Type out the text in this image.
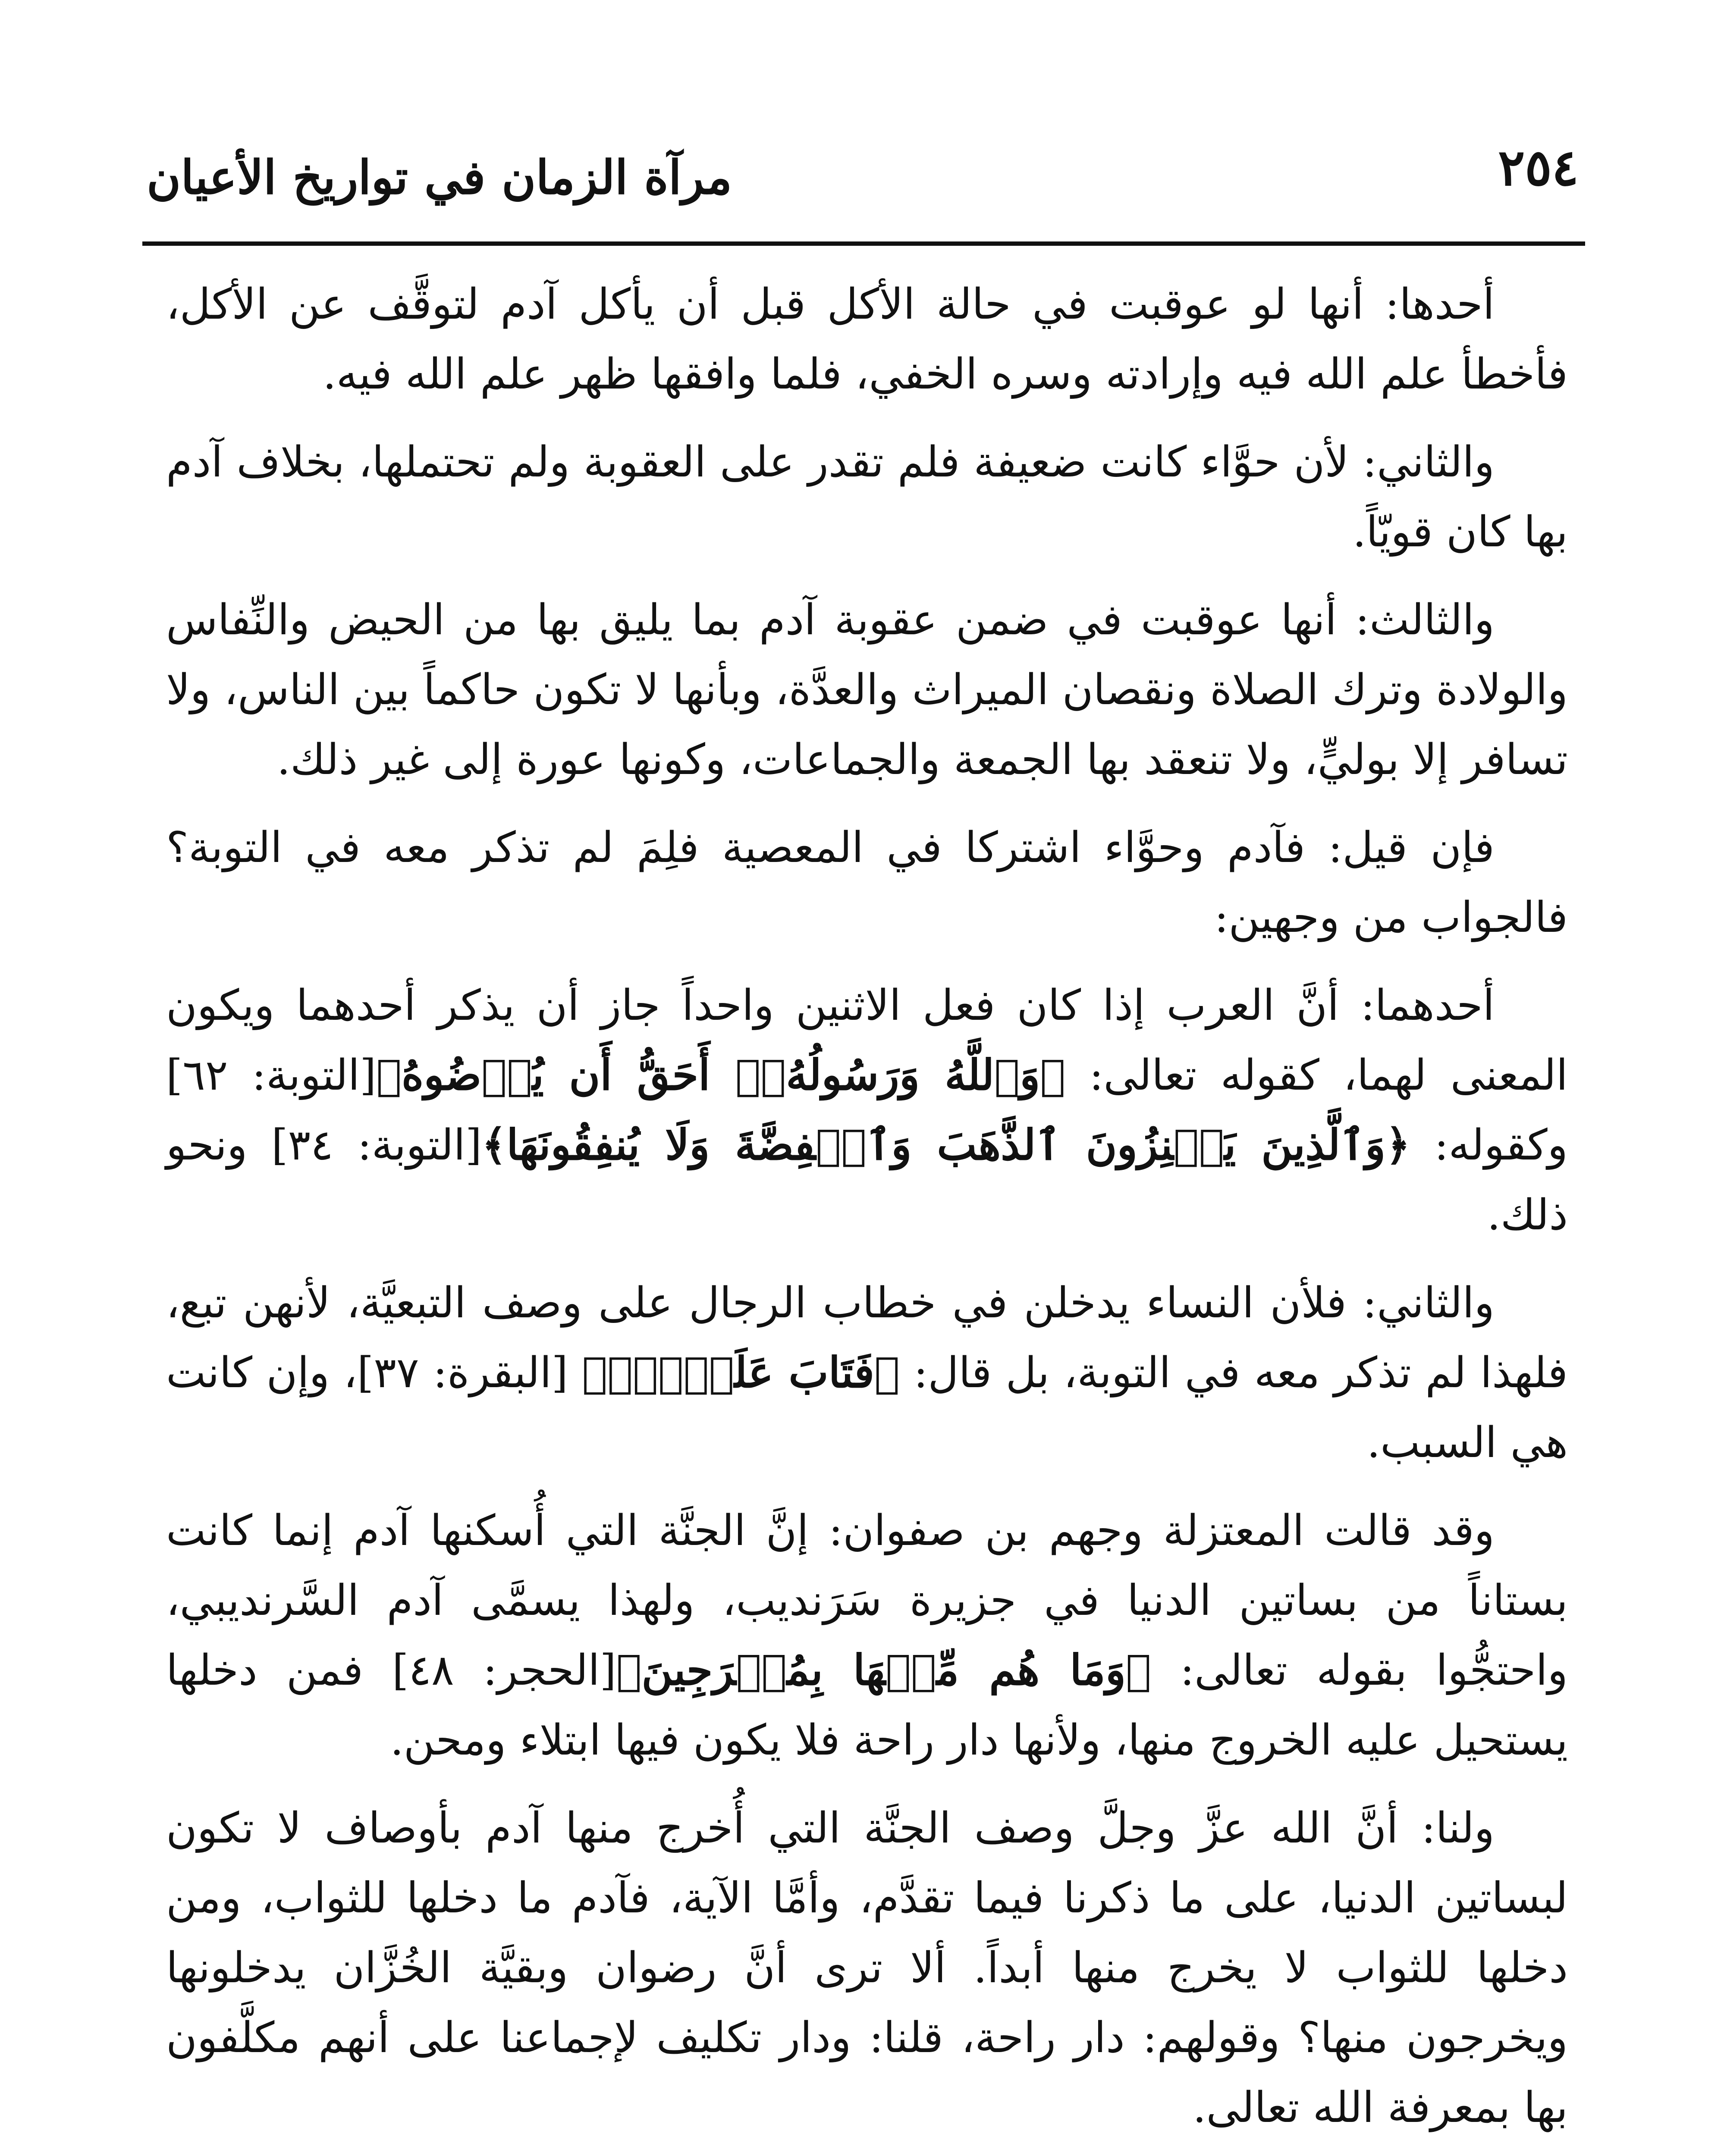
٢٥٤
مرآة الزمان في تواريخ الأعيان

أحدها: أنها لو عوقبت في حالة الأكل قبل أن يأكل آدم لتوقَّف عن الأكل، فأخطأ علم الله فيه وإرادته وسره الخفي، فلما وافقها ظهر علم الله فيه.

والثاني: لأن حوَّاء كانت ضعيفة فلم تقدر على العقوبة ولم تحتملها، بخلاف آدم بها كان قويّاً.

والثالث: أنها عوقبت في ضمن عقوبة آدم بما يليق بها من الحيض والنِّفاس والولادة وترك الصلاة ونقصان الميراث والعدَّة، وبأنها لا تكون حاكماً بين الناس، ولا تسافر إلا بوليٍّ، ولا تنعقد بها الجمعة والجماعات، وكونها عورة إلى غير ذلك.

فإن قيل: فآدم وحوَّاء اشتركا في المعصية فلِمَ لم تذكر معه في التوبة؟ فالجواب من وجهين:

أحدهما: أنَّ العرب إذا كان فعل الاثنين واحداً جاز أن يذكر أحدهما ويكون المعنى لهما، كقوله تعالى: ﴿وَٱللَّهُ وَرَسُولُهُۥٓ أَحَقُّ أَن يُرۡضُوهُ﴾[التوبة: ٦٢] وكقوله: ﴿وَٱلَّذِينَ يَكۡنِزُونَ ٱلذَّهَبَ وَٱلۡفِضَّةَ وَلَا يُنفِقُونَهَا﴾[التوبة: ٣٤] ونحو ذلك.

والثاني: فلأن النساء يدخلن في خطاب الرجال على وصف التبعيَّة، لأنهن تبع، فلهذا لم تذكر معه في التوبة، بل قال: ﴿فَتَابَ عَلَيۡهِۚ﴾ [البقرة: ٣٧]، وإن كانت هي السبب.

وقد قالت المعتزلة وجهم بن صفوان: إنَّ الجنَّة التي أُسكنها آدم إنما كانت بستاناً من بساتين الدنيا في جزيرة سَرَنديب، ولهذا يسمَّى آدم السَّرنديبي، واحتجُّوا بقوله تعالى: ﴿وَمَا هُم مِّنۡهَا بِمُخۡرَجِينَ﴾[الحجر: ٤٨] فمن دخلها يستحيل عليه الخروج منها، ولأنها دار راحة فلا يكون فيها ابتلاء ومحن.

ولنا: أنَّ الله عزَّ وجلَّ وصف الجنَّة التي أُخرج منها آدم بأوصاف لا تكون لبساتين الدنيا، على ما ذكرنا فيما تقدَّم، وأمَّا الآية، فآدم ما دخلها للثواب، ومن دخلها للثواب لا يخرج منها أبداً. ألا ترى أنَّ رضوان وبقيَّة الخُزَّان يدخلونها ويخرجون منها؟ وقولهم: دار راحة، قلنا: ودار تكليف لإجماعنا على أنهم مكلَّفون بها بمعرفة الله تعالى.
